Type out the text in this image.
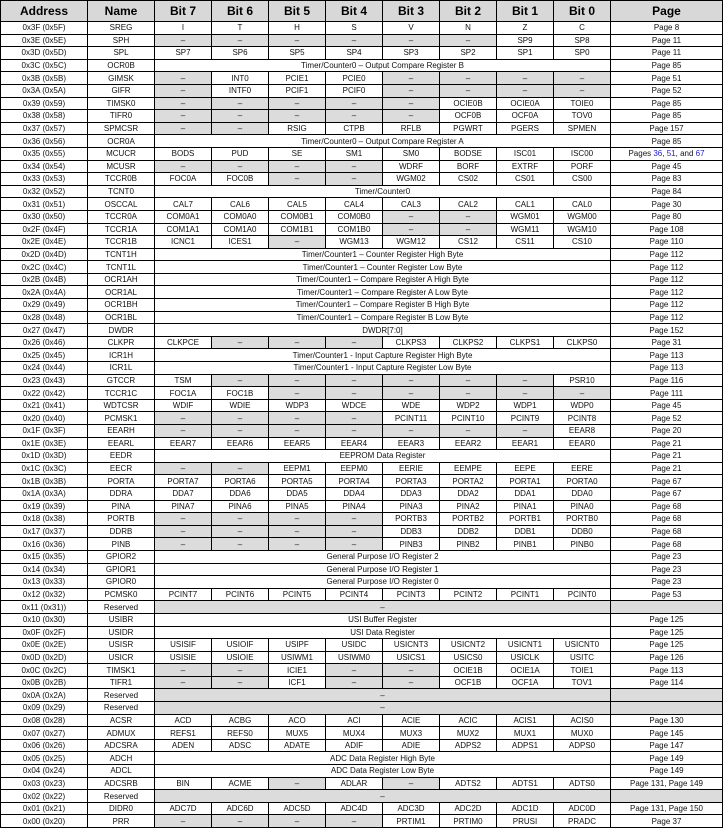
Address	Name	Bit 7	Bit 6	Bit 5	Bit 4	Bit 3	Bit 2	Bit 1	Bit 0	Page
0x3F (0x5F)	SREG	I	T	H	S	V	N	Z	C	Page 8
0x3E (0x5E)	SPH	–	–	–	–	–	–	SP9	SP8	Page 11
0x3D (0x5D)	SPL	SP7	SP6	SP5	SP4	SP3	SP2	SP1	SP0	Page 11
0x3C (0x5C)	OCR0B	Timer/Counter0 – Output Compare Register B								Page 85
0x3B (0x5B)	GIMSK	–	INT0	PCIE1	PCIE0	–	–	–	–	Page 51
0x3A (0x5A)	GIFR	–	INTF0	PCIF1	PCIF0	–	–	–	–	Page 52
0x39 (0x59)	TIMSK0	–	–	–	–	–	OCIE0B	OCIE0A	TOIE0	Page 85
0x38 (0x58)	TIFR0	–	–	–	–	–	OCF0B	OCF0A	TOV0	Page 85
0x37 (0x57)	SPMCSR	–	–	RSIG	CTPB	RFLB	PGWRT	PGERS	SPMEN	Page 157
0x36 (0x56)	OCR0A	Timer/Counter0 – Output Compare Register A								Page 85
0x35 (0x55)	MCUCR	BODS	PUD	SE	SM1	SM0	BODSE	ISC01	ISC00	Pages 36, 51, and 67
0x34 (0x54)	MCUSR	–	–	–	–	WDRF	BORF	EXTRF	PORF	Page 45
0x33 (0x53)	TCCR0B	FOC0A	FOC0B	–	–	WGM02	CS02	CS01	CS00	Page 83
0x32 (0x52)	TCNT0	Timer/Counter0								Page 84
0x31 (0x51)	OSCCAL	CAL7	CAL6	CAL5	CAL4	CAL3	CAL2	CAL1	CAL0	Page 30
0x30 (0x50)	TCCR0A	COM0A1	COM0A0	COM0B1	COM0B0	–	–	WGM01	WGM00	Page 80
0x2F (0x4F)	TCCR1A	COM1A1	COM1A0	COM1B1	COM1B0	–	–	WGM11	WGM10	Page 108
0x2E (0x4E)	TCCR1B	ICNC1	ICES1	–	WGM13	WGM12	CS12	CS11	CS10	Page 110
0x2D (0x4D)	TCNT1H	Timer/Counter1 – Counter Register High Byte								Page 112
0x2C (0x4C)	TCNT1L	Timer/Counter1 – Counter Register Low Byte								Page 112
0x2B (0x4B)	OCR1AH	Timer/Counter1 – Compare Register A High Byte								Page 112
0x2A (0x4A)	OCR1AL	Timer/Counter1 – Compare Register A Low Byte								Page 112
0x29 (0x49)	OCR1BH	Timer/Counter1 – Compare Register B High Byte								Page 112
0x28 (0x48)	OCR1BL	Timer/Counter1 – Compare Register B Low Byte								Page 112
0x27 (0x47)	DWDR	DWDR[7:0]								Page 152
0x26 (0x46)	CLKPR	CLKPCE	–	–	–	CLKPS3	CLKPS2	CLKPS1	CLKPS0	Page 31
0x25 (0x45)	ICR1H	Timer/Counter1 - Input Capture Register High Byte								Page 113
0x24 (0x44)	ICR1L	Timer/Counter1 - Input Capture Register Low Byte								Page 113
0x23 (0x43)	GTCCR	TSM	–	–	–	–	–	–	PSR10	Page 116
0x22 (0x42)	TCCR1C	FOC1A	FOC1B	–	–	–	–	–	–	Page 111
0x21 (0x41)	WDTCSR	WDIF	WDIE	WDP3	WDCE	WDE	WDP2	WDP1	WDP0	Page 45
0x20 (0x40)	PCMSK1	–	–	–	–	PCINT11	PCINT10	PCINT9	PCINT8	Page 52
0x1F (0x3F)	EEARH	–	–	–	–	–	–	–	EEAR8	Page 20
0x1E (0x3E)	EEARL	EEAR7	EEAR6	EEAR5	EEAR4	EEAR3	EEAR2	EEAR1	EEAR0	Page 21
0x1D (0x3D)	EEDR	EEPROM Data Register								Page 21
0x1C (0x3C)	EECR	–	–	EEPM1	EEPM0	EERIE	EEMPE	EEPE	EERE	Page 21
0x1B (0x3B)	PORTA	PORTA7	PORTA6	PORTA5	PORTA4	PORTA3	PORTA2	PORTA1	PORTA0	Page 67
0x1A (0x3A)	DDRA	DDA7	DDA6	DDA5	DDA4	DDA3	DDA2	DDA1	DDA0	Page 67
0x19 (0x39)	PINA	PINA7	PINA6	PINA5	PINA4	PINA3	PINA2	PINA1	PINA0	Page 68
0x18 (0x38)	PORTB	–	–	–	–	PORTB3	PORTB2	PORTB1	PORTB0	Page 68
0x17 (0x37)	DDRB	–	–	–	–	DDB3	DDB2	DDB1	DDB0	Page 68
0x16 (0x36)	PINB	–	–	–	–	PINB3	PINB2	PINB1	PINB0	Page 68
0x15 (0x35)	GPIOR2	General Purpose I/O Register 2								Page 23
0x14 (0x34)	GPIOR1	General Purpose I/O Register 1								Page 23
0x13 (0x33)	GPIOR0	General Purpose I/O Register 0								Page 23
0x12 (0x32)	PCMSK0	PCINT7	PCINT6	PCINT5	PCINT4	PCINT3	PCINT2	PCINT1	PCINT0	Page 53
0x11 (0x31))	Reserved	–								
0x10 (0x30)	USIBR	USI Buffer Register								Page 125
0x0F (0x2F)	USIDR	USI Data Register								Page 125
0x0E (0x2E)	USISR	USISIF	USIOIF	USIPF	USIDC	USICNT3	USICNT2	USICNT1	USICNT0	Page 125
0x0D (0x2D)	USICR	USISIE	USIOIE	USIWM1	USIWM0	USICS1	USICS0	USICLK	USITC	Page 126
0x0C (0x2C)	TIMSK1	–	–	ICIE1	–	–	OCIE1B	OCIE1A	TOIE1	Page 113
0x0B (0x2B)	TIFR1	–	–	ICF1	–	–	OCF1B	OCF1A	TOV1	Page 114
0x0A (0x2A)	Reserved	–								
0x09 (0x29)	Reserved	–								
0x08 (0x28)	ACSR	ACD	ACBG	ACO	ACI	ACIE	ACIC	ACIS1	ACIS0	Page 130
0x07 (0x27)	ADMUX	REFS1	REFS0	MUX5	MUX4	MUX3	MUX2	MUX1	MUX0	Page 145
0x06 (0x26)	ADCSRA	ADEN	ADSC	ADATE	ADIF	ADIE	ADPS2	ADPS1	ADPS0	Page 147
0x05 (0x25)	ADCH	ADC Data Register High Byte								Page 149
0x04 (0x24)	ADCL	ADC Data Register Low Byte								Page 149
0x03 (0x23)	ADCSRB	BIN	ACME	–	ADLAR	–	ADTS2	ADTS1	ADTS0	Page 131, Page 149
0x02 (0x22)	Reserved	–								
0x01 (0x21)	DIDR0	ADC7D	ADC6D	ADC5D	ADC4D	ADC3D	ADC2D	ADC1D	ADC0D	Page 131, Page 150
0x00 (0x20)	PRR	–	–	–	–	PRTIM1	PRTIM0	PRUSI	PRADC	Page 37
